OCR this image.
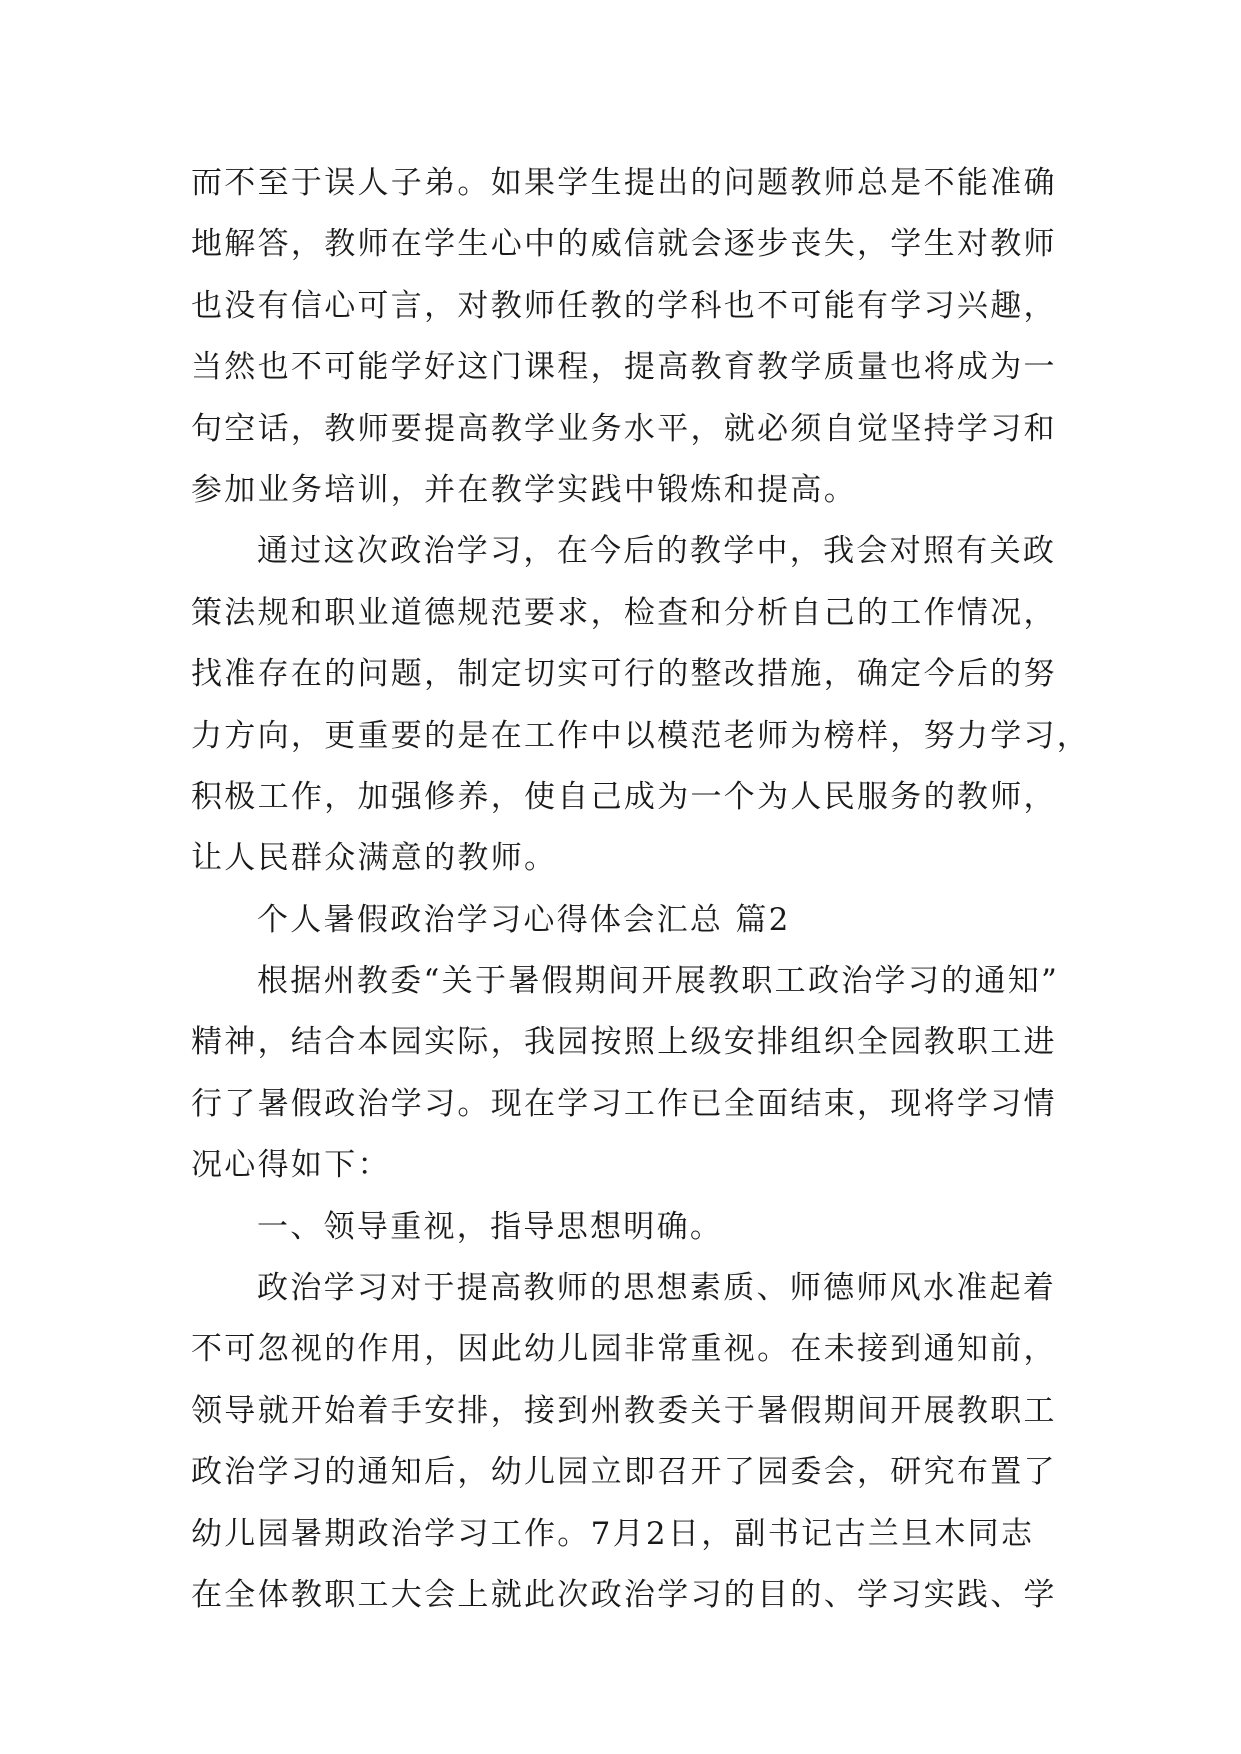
而不至于误人子弟。如果学生提出的问题教师总是不能准确
地解答，教师在学生心中的威信就会逐步丧失，学生对教师
也没有信心可言，对教师任教的学科也不可能有学习兴趣，
当然也不可能学好这门课程，提高教育教学质量也将成为一
句空话，教师要提高教学业务水平，就必须自觉坚持学习和
参加业务培训，并在教学实践中锻炼和提高。
通过这次政治学习，在今后的教学中，我会对照有关政
策法规和职业道德规范要求，检查和分析自己的工作情况，
找准存在的问题，制定切实可行的整改措施，确定今后的努
力方向，更重要的是在工作中以模范老师为榜样，努力学习，
积极工作，加强修养，使自己成为一个为人民服务的教师，
让人民群众满意的教师。
个人暑假政治学习心得体会汇总 篇2
根据州教委“关于暑假期间开展教职工政治学习的通知”
精神，结合本园实际，我园按照上级安排组织全园教职工进
行了暑假政治学习。现在学习工作已全面结束，现将学习情
况心得如下：
一、领导重视，指导思想明确。
政治学习对于提高教师的思想素质、师德师风水准起着
不可忽视的作用，因此幼儿园非常重视。在未接到通知前，
领导就开始着手安排，接到州教委关于暑假期间开展教职工
政治学习的通知后，幼儿园立即召开了园委会，研究布置了
幼儿园暑期政治学习工作。7月2日，副书记古兰旦木同志
在全体教职工大会上就此次政治学习的目的、学习实践、学
